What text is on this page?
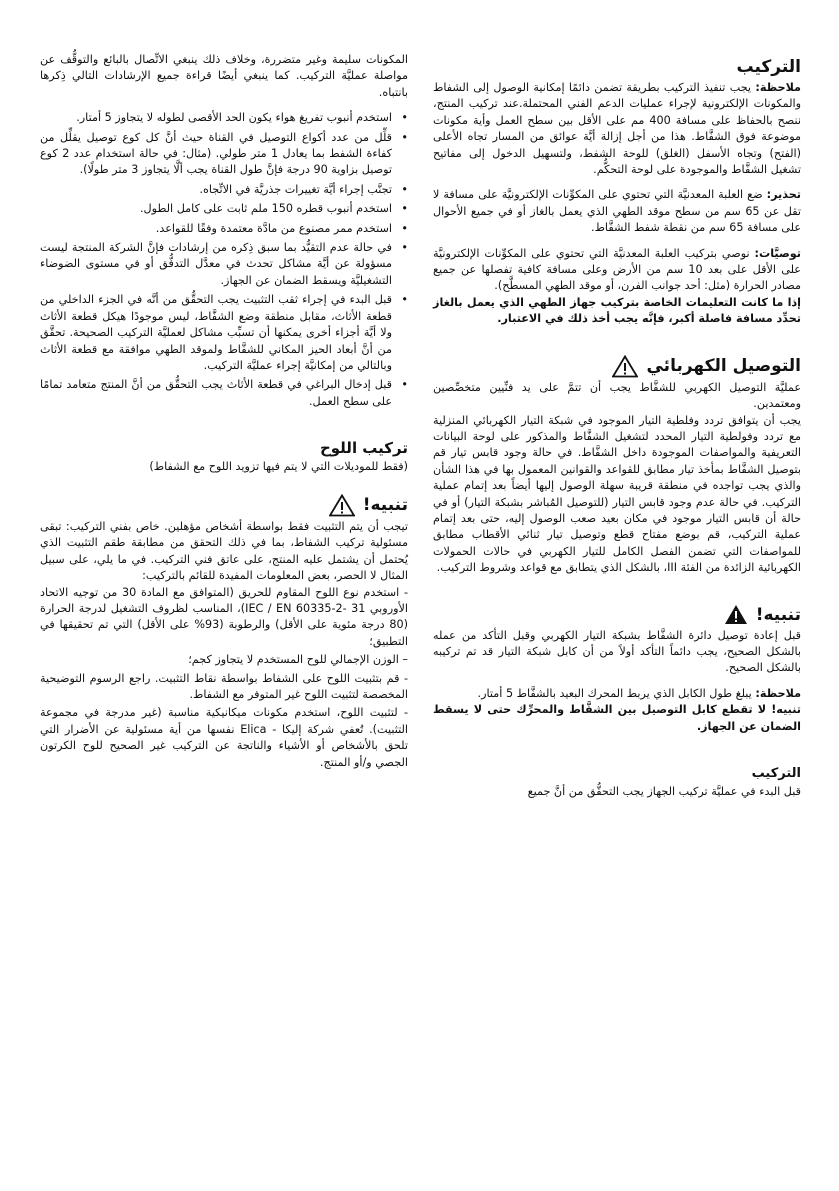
التركيب

ملاحظة: يجب تنفيذ التركيب بطريقة تضمن دائمًا إمكانية الوصول إلى الشفاط والمكونات الإلكترونية لإجراء عمليات الدعم الفني المحتملة.عند تركيب المنتج، ننصح بالحفاظ على مسافة 400 مم على الأقل بين سطح العمل وأية مكونات موضوعة فوق الشفَّاط. هذا من أجل إزالة أيَّة عوائق من المسار تجاه الأعلى (الفتح) وتجاه الأسفل (الغلق) للوحة الشفط، ولتسهيل الدخول إلى مفاتيح تشغيل الشفَّاط والموجودة على لوحة التحكُّم.

تحذير: ضع العلبة المعدنيَّة التي تحتوي على المكوِّنات الإلكترونيَّة على مسافة لا تقل عن 65 سم من سطح موقد الطهي الذي يعمل بالغاز أو في جميع الأحوال على مسافة 65 سم من نقطة شفط الشفَّاط.

توصيَّات: نوصي بتركيب العلبة المعدنيَّة التي تحتوي على المكوِّنات الإلكترونيَّة على الأقل على بعد 10 سم من الأرض وعلى مسافة كافية تفصلها عن جميع مصادر الحرارة (مثل: أحد جوانب الفرن، أو موقد الطهي المسطَّح).

إذا ما كانت التعليمات الخاصة بتركيب جهاز الطهي الذي يعمل بالغاز تحدِّد مسافة فاصلة أكبر، فإنَّه يجب أخذ ذلك في الاعتبار.

التوصيل الكهربائي

عمليَّة التوصيل الكهربي للشفَّاط يجب أن تتمَّ على يد فنِّيين متخصِّصين ومعتمدين.

يجب أن يتوافق تردد وفلطية التيار الموجود في شبكة التيار الكهربائي المنزلية مع تردد وفولطية التيار المحدد لتشغيل الشفَّاط والمذكور على لوحة البيانات التعريفية والمواصفات الموجودة داخل الشفَّاط. في حالة وجود قابس تيار قم بتوصيل الشفَّاط بمأخذ تيار مطابق للقواعد والقوانين المعمول بها في هذا الشأن والذي يجب تواجده في منطقة قريبة سهلة الوصول إليها أيضاً بعد إتمام عملية التركيب. في حالة عدم وجود قابس التيار (للتوصيل المُباشر بشبكة التيار) أو في حالة أن قابس التيار موجود في مكان بعيد صعب الوصول إليه، حتى بعد إتمام عملية التركيب، قم بوضع مفتاح قطع وتوصيل تيار ثنائي الأقطاب مطابق للمواصفات التي تضمن الفصل الكامل للتيار الكهربي في حالات الحمولات الكهربائية الزائدة من الفئة III، بالشكل الذي يتطابق مع قواعد وشروط التركيب.

تنبيه!

قبل إعادة توصيل دائرة الشفَّاط بشبكة التيار الكهربي وقبل التأكد من عمله بالشكل الصحيح، يجب دائماً التأكد أولاً من أن كابل شبكة التيار قد تم تركيبه بالشكل الصحيح.

ملاحظة: يبلغ طول الكابل الذي يربط المحرك البعيد بالشفَّاط 5 أمتار.

تنبيه! لا تقطع كابل التوصيل بين الشفَّاط والمحرِّك حتى لا يسقط الضمان عن الجهاز.

التركيب

قبل البدء في عمليَّة تركيب الجهاز يجب التحقُّق من أنَّ جميع

المكونات سليمة وغير متضررة، وخلاف ذلك ينبغي الاتِّصال بالبائع والتوقُّف عن مواصلة عمليَّة التركيب. كما ينبغي أيضًا قراءة جميع الإرشادات التالي ذِكرها بانتباه.

• استخدم أنبوب تفريغ هواء يكون الحد الأقصى لطوله لا يتجاوز 5 أمتار.
• قلِّل من عدد أكواع التوصيل في القناة حيث أنَّ كل كوع توصيل يقلِّل من كفاءة الشفط بما يعادل 1 متر طولي. (مثال: في حالة استخدام عدد 2 كوع توصيل بزاوية 90 درجة فإنَّ طول القناة يجب ألَّا يتجاوز 3 متر طولًا).
• تجنَّب إجراء أيَّة تغييرات جذريَّة في الاتِّجاه.
• استخدم أنبوب قطره 150 ملم ثابت على كامل الطول.
• استخدم ممر مصنوع من مادَّة معتمدة وفقًا للقواعد.
• في حالة عدم التقيُّد بما سبق ذِكره من إرشادات فإنَّ الشركة المنتجة ليست مسؤولة عن أيَّة مشاكل تحدث في معدَّل التدفُّق أو في مستوى الضوضاء التشغيليَّة ويسقط الضمان عن الجهاز.
• قبل البدء في إجراء ثقب التثبيت يجب التحقُّق من أنَّه في الجزء الداخلي من قطعة الأثاث، مقابل منطقة وضع الشفَّاط، ليس موجودًا هيكل قطعة الأثاث ولا أيَّة أجزاء أخرى يمكنها أن تسبِّب مشاكل لعمليَّة التركيب الصحيحة. تحقَّق من أنَّ أبعاد الحيز المكاني للشفَّاط ولموقد الطهي موافقة مع قطعة الأثاث وبالتالي من إمكانيَّة إجراء عمليَّة التركيب.
• قبل إدخال البراغي في قطعة الأثاث يجب التحقُّق من أنَّ المنتج متعامد تمامًا على سطح العمل.
تركيب اللوح

(فقط للموديلات التي لا يتم فيها تزويد اللوح مع الشفاط)

تنبيه!

تيجب أن يتم التثبيت فقط بواسطة أشخاص مؤهلين. خاص بفني التركيب: تبقى مسئولية تركيب الشفاط، بما في ذلك التحقق من مطابقة طقم التثبيت الذي يُحتمل أن يشتمل عليه المنتج، على عاتق فني التركيب. في ما يلي، على سبيل المثال لا الحصر، بعض المعلومات المفيدة للقائم بالتركيب:

- استخدم نوع اللوح المقاوم للحريق (المتوافق مع المادة 30 من توجيه الاتحاد الأوروبي 31 -2-60335 IEC / EN)، المناسب لظروف التشغيل لدرجة الحرارة (80 درجة مئوية على الأقل) والرطوبة (93% على الأقل) التي تم تحقيقها في التطبيق؛
– الوزن الإجمالي للوح المستخدم لا يتجاوز كجم؛
- قم بتثبيت اللوح على الشفاط بواسطة نقاط التثبيت. راجع الرسوم التوضيحية المخصصة لتثبيت اللوح غير المتوفر مع الشفاط.
- لتثبيت اللوح، استخدم مكونات ميكانيكية مناسبة (غير مدرجة في مجموعة التثبيت). تُعفي شركة إليكا - Elica نفسها من أية مسئولية عن الأضرار التي تلحق بالأشخاص أو الأشياء والناتجة عن التركيب غير الصحيح للوح الكرتون الجصي و/أو المنتج.
